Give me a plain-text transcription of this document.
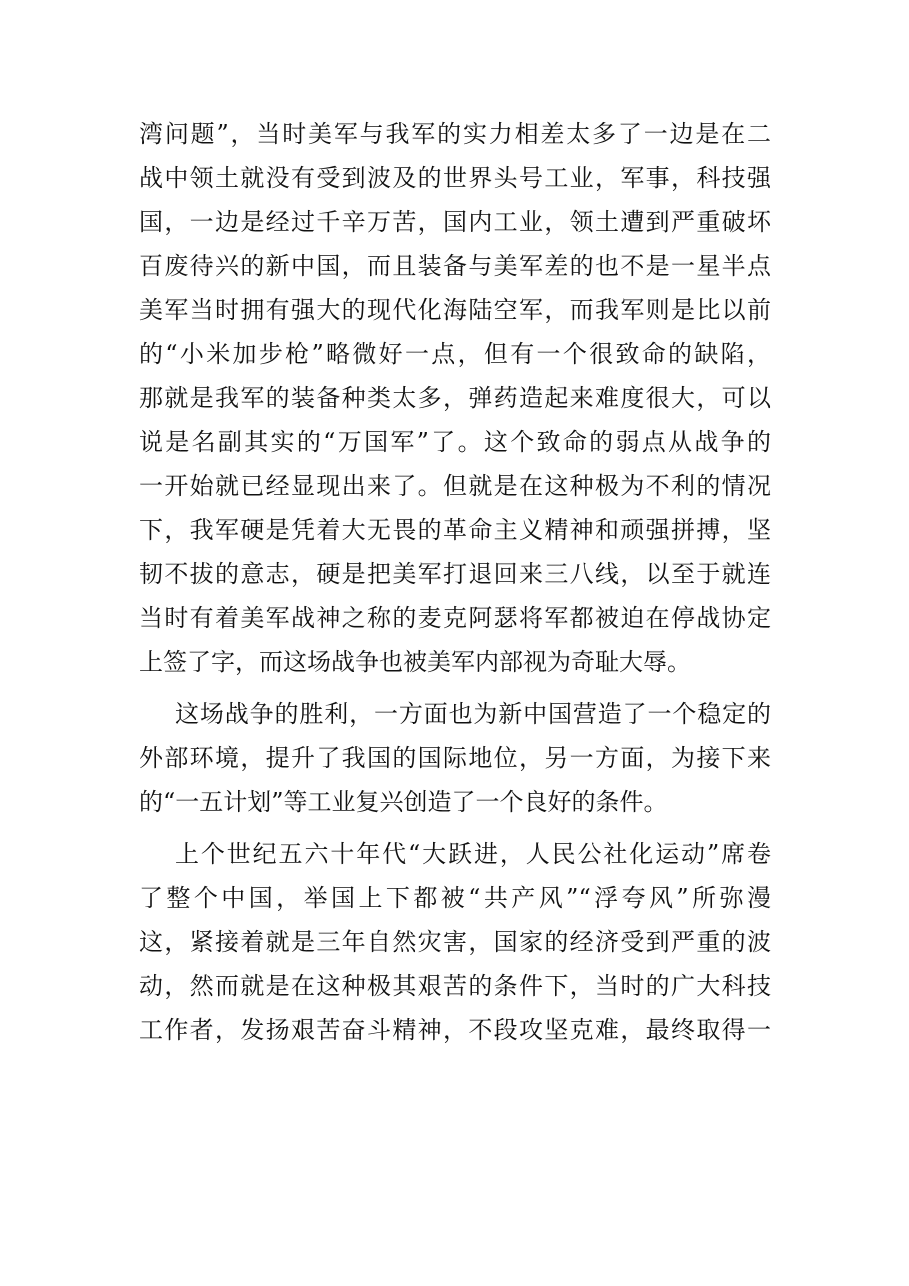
湾问题”，当时美军与我军的实力相差太多了一边是在二
战中领土就没有受到波及的世界头号工业，军事，科技强
国，一边是经过千辛万苦，国内工业，领土遭到严重破坏
百废待兴的新中国，而且装备与美军差的也不是一星半点
美军当时拥有强大的现代化海陆空军，而我军则是比以前
的“小米加步枪”略微好一点，但有一个很致命的缺陷，
那就是我军的装备种类太多，弹药造起来难度很大，可以
说是名副其实的“万国军”了。这个致命的弱点从战争的
一开始就已经显现出来了。但就是在这种极为不利的情况
下，我军硬是凭着大无畏的革命主义精神和顽强拼搏，坚
韧不拔的意志，硬是把美军打退回来三八线，以至于就连
当时有着美军战神之称的麦克阿瑟将军都被迫在停战协定
上签了字，而这场战争也被美军内部视为奇耻大辱。
这场战争的胜利，一方面也为新中国营造了一个稳定的
外部环境，提升了我国的国际地位，另一方面，为接下来
的“一五计划”等工业复兴创造了一个良好的条件。
上个世纪五六十年代“大跃进，人民公社化运动”席卷
了整个中国，举国上下都被“共产风”“浮夸风”所弥漫
这，紧接着就是三年自然灾害，国家的经济受到严重的波
动，然而就是在这种极其艰苦的条件下，当时的广大科技
工作者，发扬艰苦奋斗精神，不段攻坚克难，最终取得一
